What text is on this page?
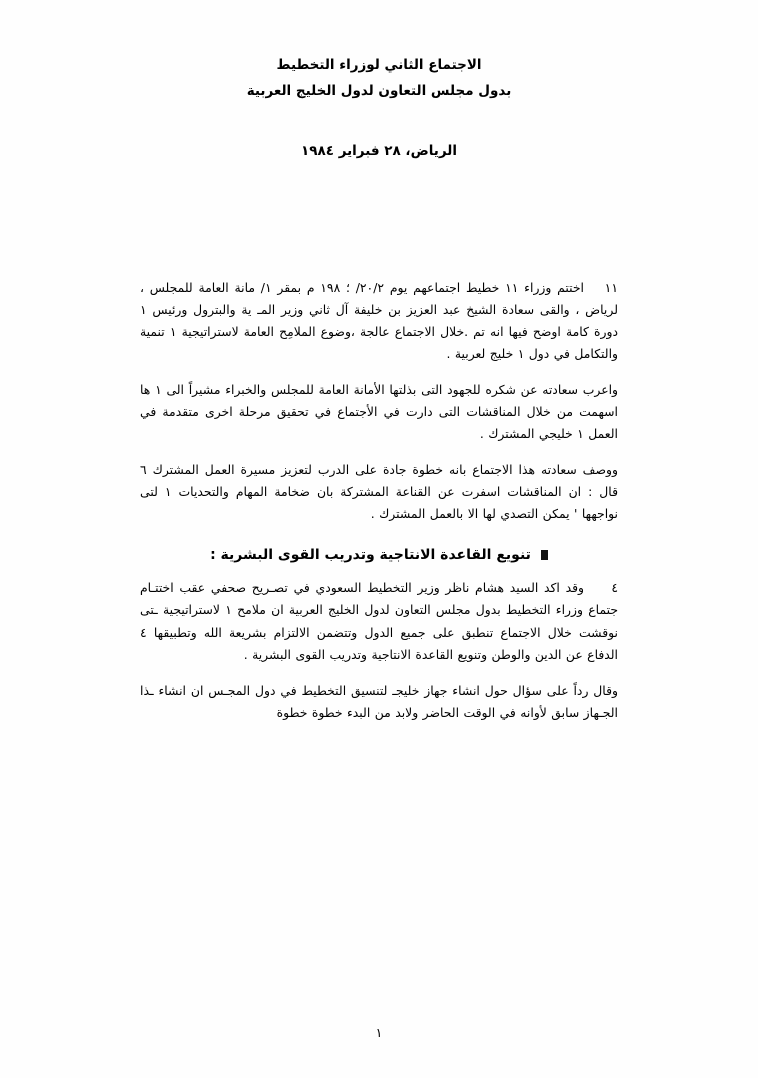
الاجتماع الثاني لوزراء التخطيط
بدول مجلس التعاون لدول الخليج العربية
الرياض، ٢٨ فبراير ١٩٨٤

١١اختتم وزراء ١١ خطيط اجتماعهم يوم ٢٠/٢/ ؛ ١٩٨ م بمقر ١/ مانة العامة للمجلس ، لرياض ، والقى سعادة الشيخ عبد العزيز بن خليفة آل ثاني وزير المـ ية والبترول ورئيس ١ دورة كامة اوضح فيها انه تم .خلال الاجتماع عالجة ،وضوع الملامِح العامة لاستراتيجية ١ تنمية والتكامل في دول ١ خليج لعربية .

واعرب سعادته عن شكره للجهود التى بذلتها الأمانة العامة للمجلس والخبراء مشيراً الى ١ ها اسهمت من خلال المناقشات التى دارت في الأجتماع في تحقيق مرحلة اخرى متقدمة في العمل ١ خليجي المشترك .

ووصف سعادته هذا الاجتماع بانه خطوة جادة على الدرب لتعزيز مسيرة العمل المشترك ٦ قال : ان المناقشات اسفرت عن القناعة المشتركة بان ضخامة المهام والتحديات ١ لتى نواجهها ' يمكن التصدي لها الا بالعمل المشترك .

تنويع القاعدة الانتاجية وتدريب القوى البشرية :

٤وقد اكد السيد هشام ناظر وزير التخطيط السعودي في تصـريح صحفي عقب اختتـام جتماع وزراء التخطيط بدول مجلس التعاون لدول الخليج العربية ان ملامح ١ لاستراتيجية ـتى نوقشت خلال الاجتماع تنطبق على جميع الدول وتتضمن الالتزام بشريعة الله وتطبيقها ٤ الدفاع عن الدين والوطن وتنويع القاعدة الانتاجية وتدريب القوى البشرية .

وقال رداً على سؤال حول انشاء جهاز خليجـ لتنسيق التخطيط في دول المجـس ان انشاء ـذا الجـهاز سابق لأوانه في الوقت الحاضر ولابد من البدء خطوة خطوة

١
